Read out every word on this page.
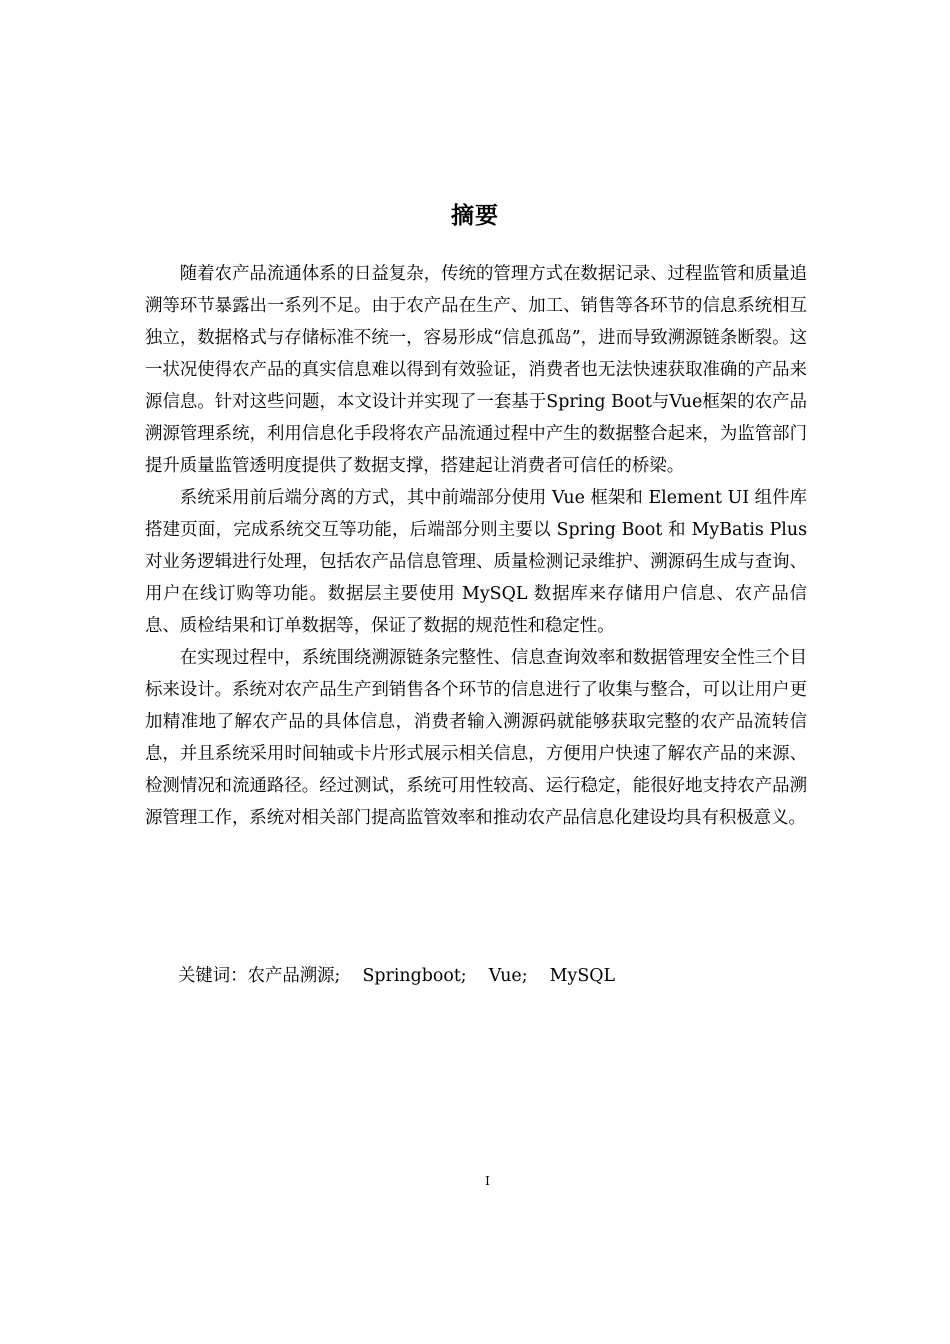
摘要

随着农产品流通体系的日益复杂，传统的管理方式在数据记录、过程监管和质量追溯等环节暴露出一系列不足。由于农产品在生产、加工、销售等各环节的信息系统相互独立，数据格式与存储标准不统一，容易形成“信息孤岛”，进而导致溯源链条断裂。这一状况使得农产品的真实信息难以得到有效验证，消费者也无法快速获取准确的产品来源信息。针对这些问题，本文设计并实现了一套基于Spring Boot与Vue框架的农产品溯源管理系统，利用信息化手段将农产品流通过程中产生的数据整合起来，为监管部门提升质量监管透明度提供了数据支撑，搭建起让消费者可信任的桥梁。

系统采用前后端分离的方式，其中前端部分使用 Vue 框架和 Element UI 组件库搭建页面，完成系统交互等功能，后端部分则主要以 Spring Boot 和 MyBatis Plus 对业务逻辑进行处理，包括农产品信息管理、质量检测记录维护、溯源码生成与查询、用户在线订购等功能。数据层主要使用 MySQL 数据库来存储用户信息、农产品信息、质检结果和订单数据等，保证了数据的规范性和稳定性。

在实现过程中，系统围绕溯源链条完整性、信息查询效率和数据管理安全性三个目标来设计。系统对农产品生产到销售各个环节的信息进行了收集与整合，可以让用户更加精准地了解农产品的具体信息，消费者输入溯源码就能够获取完整的农产品流转信息，并且系统采用时间轴或卡片形式展示相关信息，方便用户快速了解农产品的来源、检测情况和流通路径。经过测试，系统可用性较高、运行稳定，能很好地支持农产品溯源管理工作，系统对相关部门提高监管效率和推动农产品信息化建设均具有积极意义。

关键词：农产品溯源;    Springboot;    Vue;    MySQL
I
